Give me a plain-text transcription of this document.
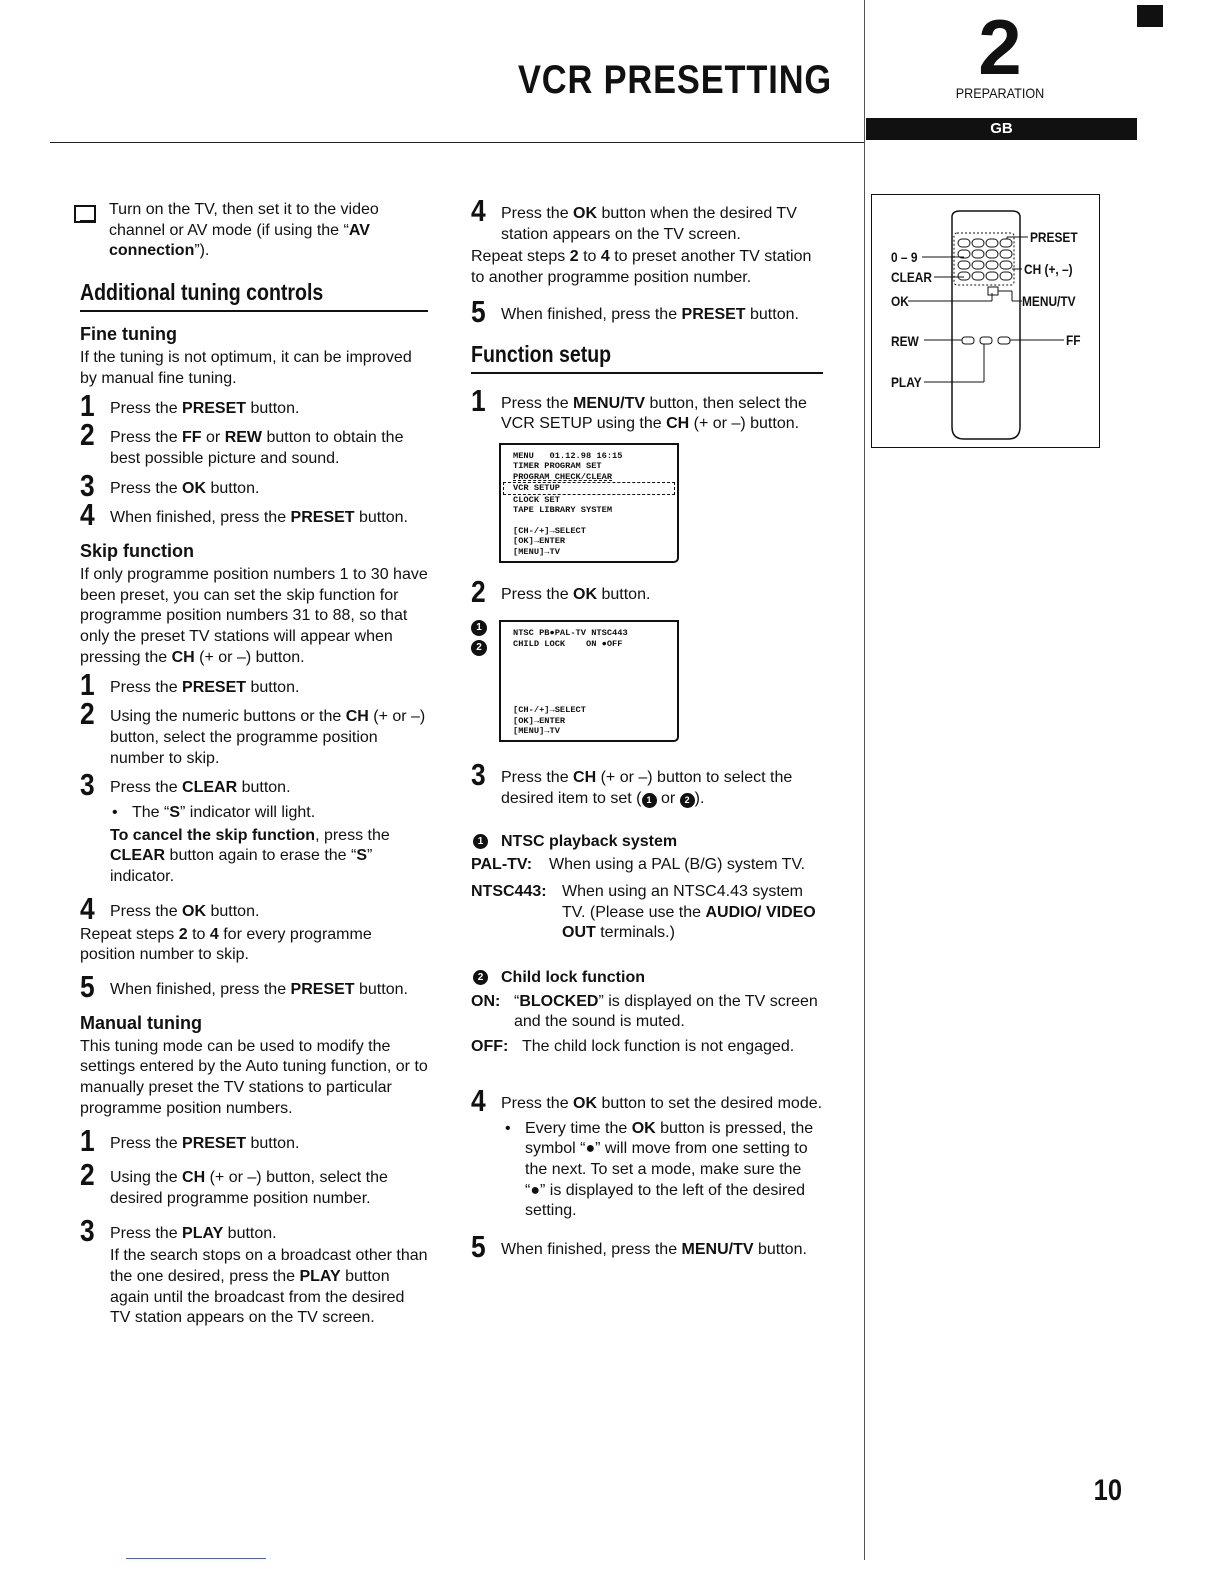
VCR PRESETTING	2
PREPARATION
GB
Turn on the TV, then set it to the video channel or AV mode (if using the “AV connection”).
Additional tuning controls
Fine tuning
If the tuning is not optimum, it can be improved by manual fine tuning.
1 Press the PRESET button.
2 Press the FF or REW button to obtain the best possible picture and sound.
3 Press the OK button.
4 When finished, press the PRESET button.
Skip function
If only programme position numbers 1 to 30 have been preset, you can set the skip function for programme position numbers 31 to 88, so that only the preset TV stations will appear when pressing the CH (+ or –) button.
1 Press the PRESET button.
2 Using the numeric buttons or the CH (+ or –) button, select the programme position number to skip.
3 Press the CLEAR button.
• The “S” indicator will light.
To cancel the skip function, press the CLEAR button again to erase the “S” indicator.
4 Press the OK button.
Repeat steps 2 to 4 for every programme position number to skip.
5 When finished, press the PRESET button.
Manual tuning
This tuning mode can be used to modify the settings entered by the Auto tuning function, or to manually preset the TV stations to particular programme position numbers.
1 Press the PRESET button.
2 Using the CH (+ or –) button, select the desired programme position number.
3 Press the PLAY button.
If the search stops on a broadcast other than the one desired, press the PLAY button again until the broadcast from the desired TV station appears on the TV screen.
4 Press the OK button when the desired TV station appears on the TV screen.
Repeat steps 2 to 4 to preset another TV station to another programme position number.
5 When finished, press the PRESET button.
Function setup
1 Press the MENU/TV button, then select the VCR SETUP using the CH (+ or –) button.
MENU   01.12.98 16:15
TIMER PROGRAM SET
PROGRAM CHECK/CLEAR
VCR SETUP
CLOCK SET
TAPE LIBRARY SYSTEM
[CH-/+]→SELECT
[OK]→ENTER
[MENU]→TV
2 Press the OK button.
1
2
NTSC PB●PAL-TV NTSC443
CHILD LOCK    ON ●OFF
[CH-/+]→SELECT
[OK]→ENTER
[MENU]→TV
3 Press the CH (+ or –) button to select the desired item to set ( 1 or 2 ).
1 NTSC playback system
PAL-TV: When using a PAL (B/G) system TV.
NTSC443: When using an NTSC4.43 system TV. (Please use the AUDIO/ VIDEO OUT terminals.)
2 Child lock function
ON: “BLOCKED” is displayed on the TV screen and the sound is muted.
OFF: The child lock function is not engaged.
4 Press the OK button to set the desired mode.
• Every time the OK button is pressed, the symbol “●” will move from one setting to the next. To set a mode, make sure the “●” is displayed to the left of the desired setting.
5 When finished, press the MENU/TV button.
0 – 9
CLEAR
OK
REW
PLAY
PRESET
CH (+, –)
MENU/TV
FF
10
